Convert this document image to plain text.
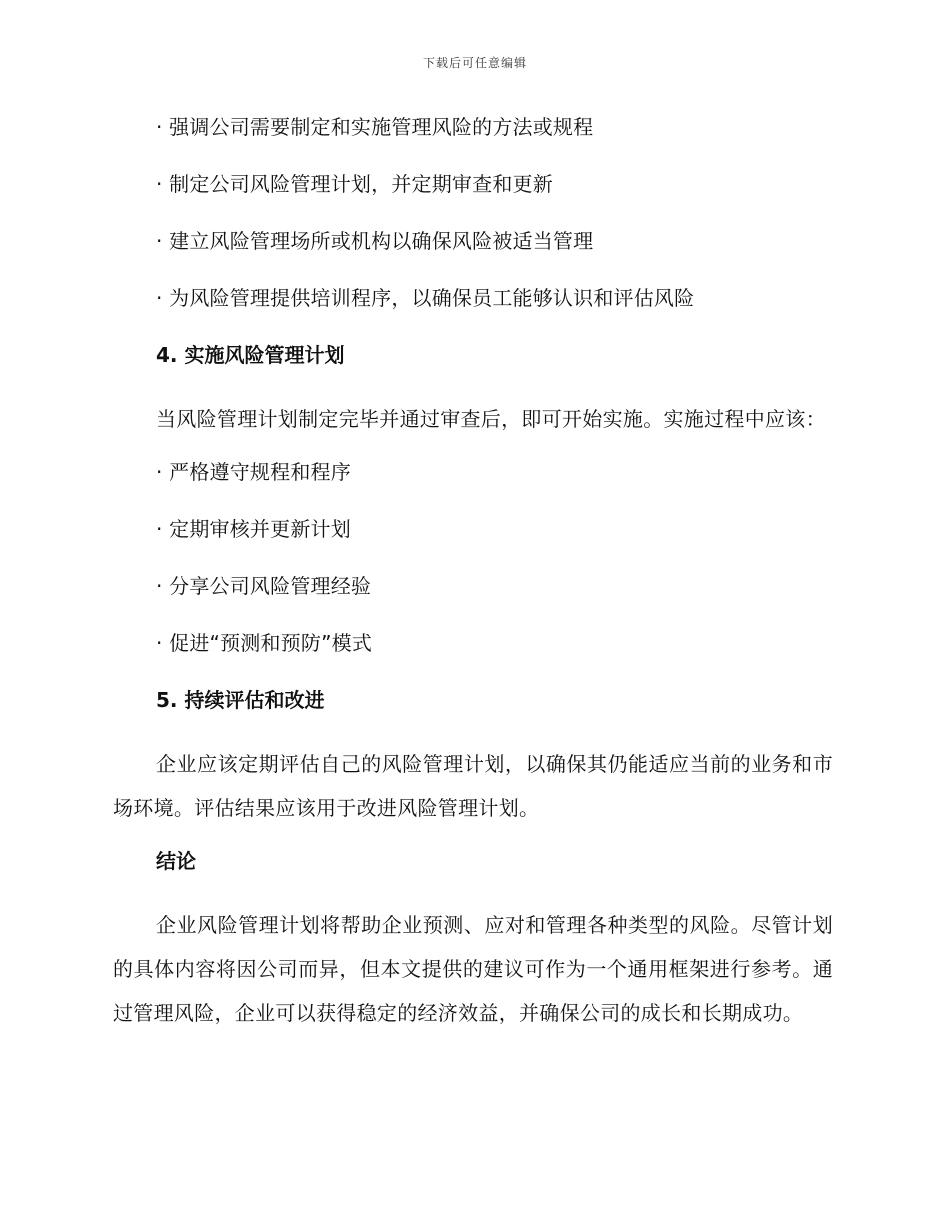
下载后可任意编辑
· 强调公司需要制定和实施管理风险的方法或规程
· 制定公司风险管理计划，并定期审查和更新
· 建立风险管理场所或机构以确保风险被适当管理
· 为风险管理提供培训程序，以确保员工能够认识和评估风险
4. 实施风险管理计划
当风险管理计划制定完毕并通过审查后，即可开始实施。实施过程中应该：
· 严格遵守规程和程序
· 定期审核并更新计划
· 分享公司风险管理经验
· 促进“预测和预防”模式
5. 持续评估和改进
企业应该定期评估自己的风险管理计划，以确保其仍能适应当前的业务和市场环境。评估结果应该用于改进风险管理计划。
结论
企业风险管理计划将帮助企业预测、应对和管理各种类型的风险。尽管计划的具体内容将因公司而异，但本文提供的建议可作为一个通用框架进行参考。通过管理风险，企业可以获得稳定的经济效益，并确保公司的成长和长期成功。
